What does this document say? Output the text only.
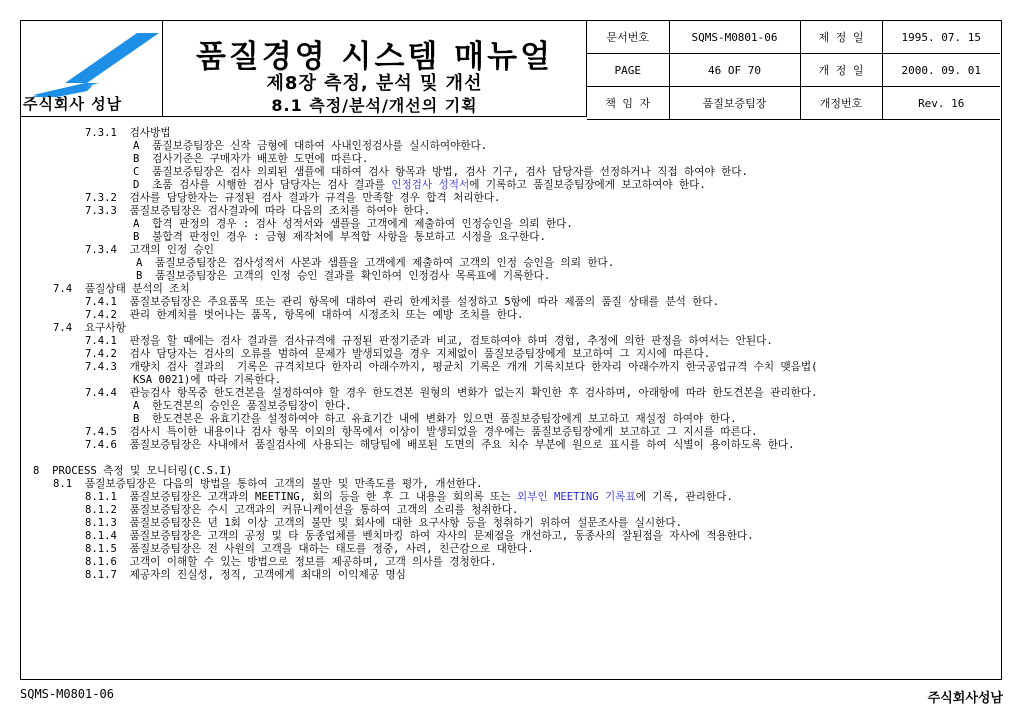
주식회사 성남
품질경영 시스템 매뉴얼
제8장 측정, 분석 및 개선
8.1 측정/분석/개선의 기획
문서번호	SQMS-M0801-06	제 정 일	1995. 07. 15
PAGE	46 OF 70	개 정 일	2000. 09. 01
책 임 자	품질보증팀장	개정번호	Rev. 16
7.3.1  검사방법
A  품질보증팀장은 신작 금형에 대하여 사내인정검사를 실시하여야한다.
B  검사기준은 구매자가 배포한 도면에 따른다.
C  품질보증팀장은 검사 의뢰된 샘플에 대하여 검사 항목과 방법, 검사 기구, 검사 담당자를 선정하거나 직접 하여야 한다.
D  초품 검사를 시행한 검사 담당자는 검사 결과를 인정검사 성적서에 기록하고 품질보증팀장에게 보고하여야 한다.
7.3.2  검사를 담당한자는 규정된 검사 결과가 규격을 만족할 경우 합격 처리한다.
7.3.3  품질보증팀장은 검사결과에 따라 다음의 조치를 하여야 한다.
A  합격 판정의 경우 : 검사 성적서와 샘플을 고객에게 제출하여 인정승인을 의뢰 한다.
B  불합격 판정인 경우 : 금형 제작처에 부적합 사항을 통보하고 시정을 요구한다.
7.3.4  고객의 인정 승인
A  품질보증팀장은 검사성적서 사본과 샘플을 고객에게 제출하여 고객의 인정 승인을 의뢰 한다.
B  품질보증팀장은 고객의 인정 승인 결과를 확인하여 인정검사 목록표에 기록한다.
7.4  품질상태 분석의 조치
7.4.1  품질보증팀장은 주요품목 또는 관리 항목에 대하여 관리 한계치를 설정하고 5항에 따라 제품의 품질 상태를 분석 한다.
7.4.2  관리 한계치를 벗어나는 품목, 항목에 대하여 시정조치 또는 예방 조치를 한다.
7.4  요구사항
7.4.1  판정을 할 때에는 검사 결과를 검사규격에 규정된 판정기준과 비교, 검토하여야 하며 경험, 추정에 의한 판정을 하여서는 안된다.
7.4.2  검사 담당자는 검사의 오류를 범하여 문제가 발생되었을 경우 지체없이 품질보증팀장에게 보고하여 그 지시에 따른다.
7.4.3  개량치 검사 결과의  기록은 규격치보다 한자리 아래수까지, 평균치 기록은 개개 기록치보다 한자리 아래수까지 한국공업규격 수치 맺음법(
KSA 0021)에 따라 기록한다.
7.4.4  관능검사 항목중 한도견본을 설정하여야 할 경우 한도견본 원형의 변화가 없는지 확인한 후 검사하며, 아래항에 따라 한도견본을 관리한다.
A  한도견본의 승인은 품질보증팀장이 한다.
B  한도견본은 유효기간을 설정하여야 하고 유효기간 내에 변화가 있으면 품질보증팀장에게 보고하고 재설정 하여야 한다.
7.4.5  검사시 특이한 내용이나 검사 항목 이외의 항목에서 이상이 발생되었을 경우에는 품질보증팀장에게 보고하고 그 지시를 따른다.
7.4.6  품질보증팀장은 사내에서 품질검사에 사용되는 해당팀에 배포된 도면의 주요 치수 부분에 원으로 표시를 하여 식별이 용이하도록 한다.
8  PROCESS 측정 및 모니터링(C.S.I)
8.1  품질보증팀장은 다음의 방법을 통하여 고객의 불만 및 만족도를 평가, 개선한다.
8.1.1  품질보증팀장은 고객과의 MEETING, 회의 등을 한 후 그 내용을 회의록 또는 외부인 MEETING 기록표에 기록, 관리한다.
8.1.2  품질보증팀장은 수시 고객과의 커뮤니케이션을 통하여 고객의 소리를 청취한다.
8.1.3  품질보증팀장은 년 1회 이상 고객의 불만 및 회사에 대한 요구사항 등을 청취하기 위하여 설문조사를 실시한다.
8.1.4  품질보증팀장은 고객의 공정 및 타 동종업체를 벤치마킹 하여 자사의 문제점을 개선하고, 동종사의 잘된점을 자사에 적용한다.
8.1.5  품질보증팀장은 전 사원의 고객을 대하는 태도를 정중, 사려, 친근감으로 대한다.
8.1.6  고객이 이해할 수 있는 방법으로 정보를 제공하며, 고객 의사를 경청한다.
8.1.7  제공자의 진실성, 정직, 고객에게 최대의 이익제공 명심
SQMS-M0801-06	주식회사성남
